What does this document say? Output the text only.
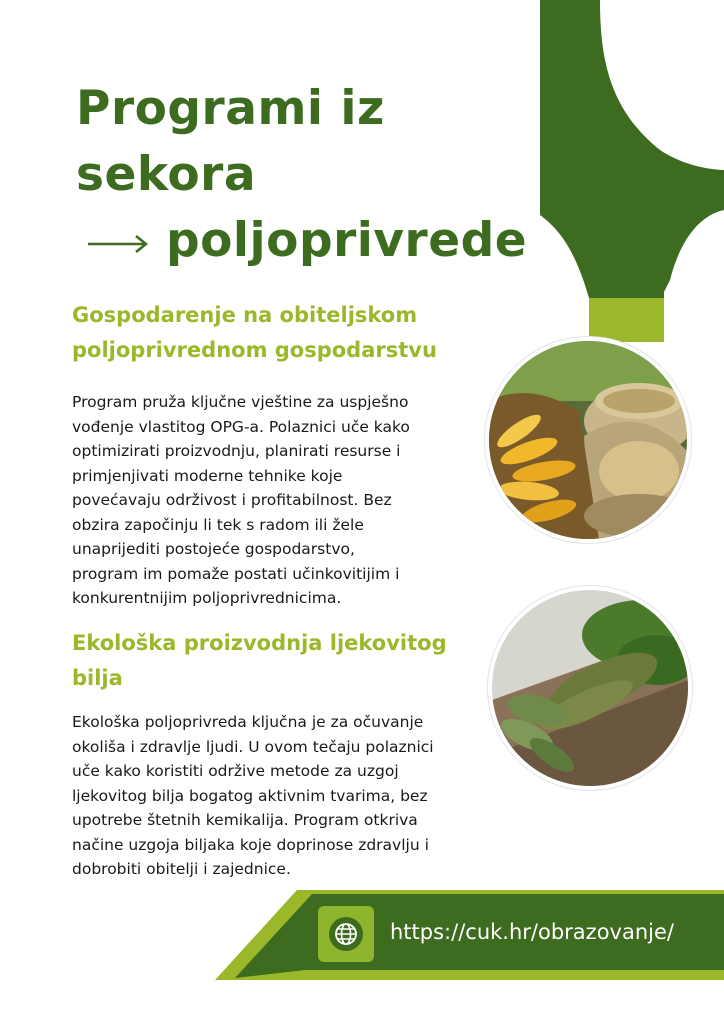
Programi iz
sekora
poljoprivrede
Gospodarenje na obiteljskom
poljoprivrednom gospodarstvu
Program pruža ključne vještine za uspješno
vođenje vlastitog OPG-a. Polaznici uče kako
optimizirati proizvodnju, planirati resurse i
primjenjivati moderne tehnike koje
povećavaju održivost i profitabilnost. Bez
obzira započinju li tek s radom ili žele
unaprijediti postojeće gospodarstvo,
program im pomaže postati učinkovitijim i
konkurentnijim poljoprivrednicima.
Ekološka proizvodnja ljekovitog
bilja
Ekološka poljoprivreda ključna je za očuvanje
okoliša i zdravlje ljudi. U ovom tečaju polaznici
uče kako koristiti održive metode za uzgoj
ljekovitog bilja bogatog aktivnim tvarima, bez
upotrebe štetnih kemikalija. Program otkriva
načine uzgoja biljaka koje doprinose zdravlju i
dobrobiti obitelji i zajednice.
https://cuk.hr/obrazovanje/
